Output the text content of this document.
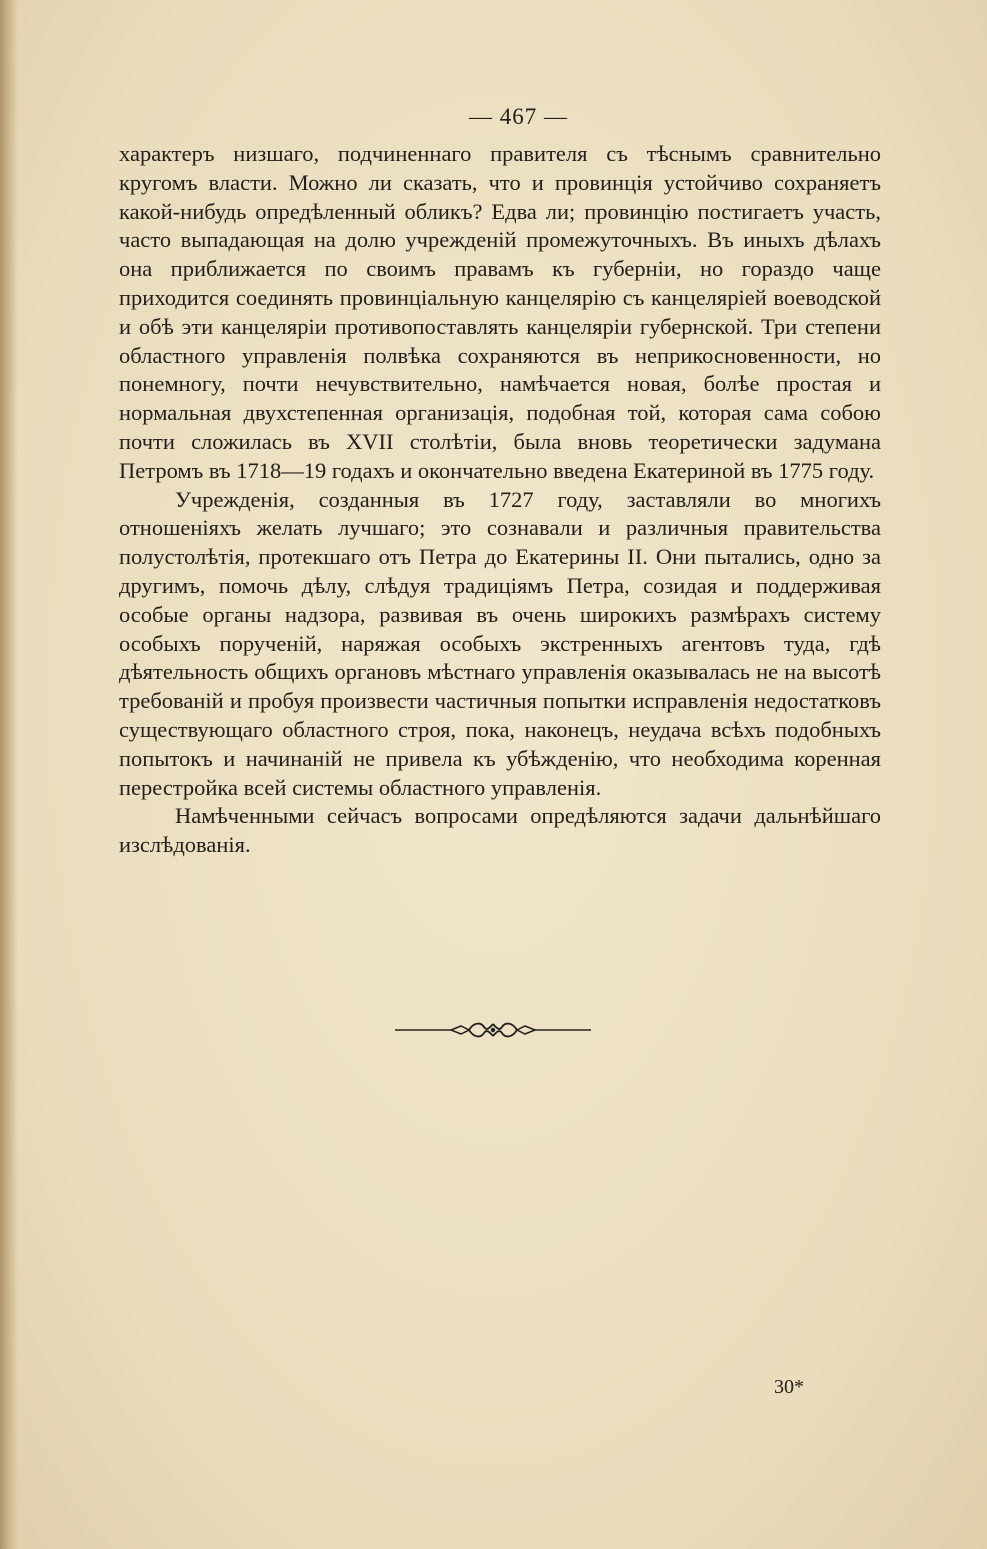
— 467 —

характеръ низшаго, подчиненнаго правителя съ тѣснымъ сравнительно кругомъ власти. Можно ли сказать, что и провинція устойчиво сохраняетъ какой-нибудь опредѣленный обликъ? Едва ли; провинцію постигаетъ участь, часто выпадающая на долю учрежденій промежуточныхъ. Въ иныхъ дѣлахъ она приближается по своимъ правамъ къ губерніи, но гораздо чаще приходится соединять провинціальную канцелярію съ канцеляріей воеводской и обѣ эти канцеляріи противопоставлять канцеляріи губернской. Три степени областного управленія полвѣка сохраняются въ неприкосновенности, но понемногу, почти нечувствительно, намѣчается новая, болѣе простая и нормальная двухстепенная организація, подобная той, которая сама собою почти сложилась въ XVII столѣтіи, была вновь теоретически задумана Петромъ въ 1718—19 годахъ и окончательно введена Екатериной въ 1775 году.

Учрежденія, созданныя въ 1727 году, заставляли во многихъ отношеніяхъ желать лучшаго; это сознавали и различныя правительства полустолѣтія, протекшаго отъ Петра до Екатерины II. Они пытались, одно за другимъ, помочь дѣлу, слѣдуя традиціямъ Петра, созидая и поддерживая особые органы надзора, развивая въ очень широкихъ размѣрахъ систему особыхъ порученій, наряжая особыхъ экстренныхъ агентовъ туда, гдѣ дѣятельность общихъ органовъ мѣстнаго управленія оказывалась не на высотѣ требованій и пробуя произвести частичныя попытки исправленія недостатковъ существующаго областного строя, пока, наконецъ, неудача всѣхъ подобныхъ попытокъ и начинаній не привела къ убѣжденію, что необходима коренная перестройка всей системы областного управленія.

Намѣченными сейчасъ вопросами опредѣляются задачи дальнѣйшаго изслѣдованія.

30*
